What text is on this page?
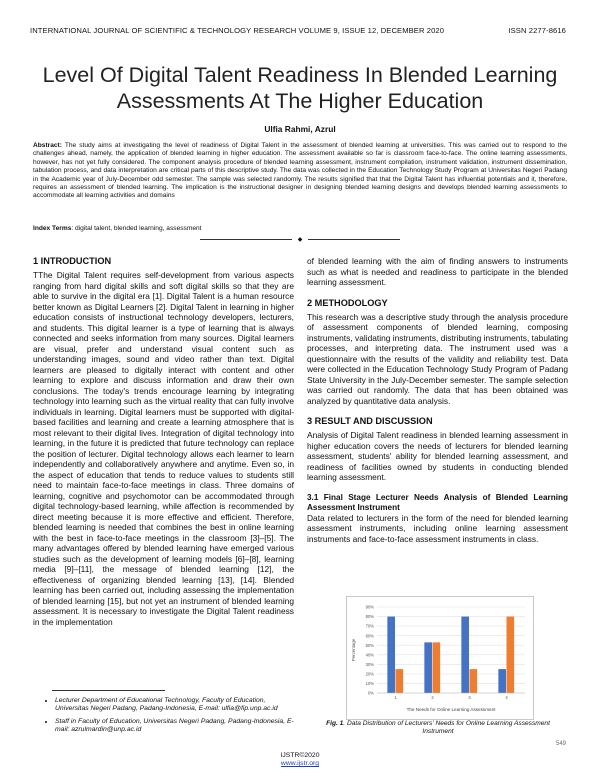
INTERNATIONAL JOURNAL OF SCIENTIFIC & TECHNOLOGY RESEARCH VOLUME 9, ISSUE 12, DECEMBER 2020	ISSN 2277-8616
Level Of Digital Talent Readiness In Blended Learning Assessments At The Higher Education
Ulfia Rahmi, Azrul
Abstract: The study aims at investigating the level of readiness of Digital Talent in the assessment of blended learning at universities. This was carried out to respond to the challenges ahead, namely, the application of blended learning in higher education. The assessment available so far is classroom face-to-face. The online learning assessments, however, has not yet fully considered. The component analysis procedure of blended learning assessment, instrument compilation, instrument validation, instrument dissemination, tabulation process, and data interpretation are critical parts of this descriptive study. The data was collected in the Education Technology Study Program at Universitas Negeri Padang in the Academic year of July-December odd semester. The sample was selected randomly. The results signified that that the Digital Talent has influential potentials and it, therefore, requires an assessment of blended learning. The implication is the instructional designer in designing blended learning designs and develops blended learning assessments to accommodate all learning activities and domains
Index Terms: digital talent, blended learning, assessment
◆
1 INTRODUCTION

TThe Digital Talent requires self-development from various aspects ranging from hard digital skills and soft digital skills so that they are able to survive in the digital era [1]. Digital Talent is a human resource better known as Digital Learners [2]. Digital Talent in learning in higher education consists of instructional technology developers, lecturers, and students. This digital learner is a type of learning that is always connected and seeks information from many sources. Digital learners are visual, prefer and understand visual content such as understanding images, sound and video rather than text. Digital learners are pleased to digitally interact with content and other learning to explore and discuss information and draw their own conclusions. The today's trends encourage learning by integrating technology into learning such as the virtual reality that can fully involve individuals in learning. Digital learners must be supported with digital-based facilities and learning and create a learning atmosphere that is most relevant to their digital lives. Integration of digital technology into learning, in the future it is predicted that future technology can replace the position of lecturer. Digital technology allows each learner to learn independently and collaboratively anywhere and anytime. Even so, in the aspect of education that tends to reduce values to students still need to maintain face-to-face meetings in class. Three domains of learning, cognitive and psychomotor can be accommodated through digital technology-based learning, while affection is recommended by direct meeting because it is more effective and efficient. Therefore, blended learning is needed that combines the best in online learning with the best in face-to-face meetings in the classroom [3]–[5]. The many advantages offered by blended learning have emerged various studies such as the development of learning models [6]–[8], learning media [9]–[11], the message of blended learning [12], the effectiveness of organizing blended learning [13], [14]. Blended learning has been carried out, including assessing the implementation of blended learning [15], but not yet an instrument of blended learning assessment. It is necessary to investigate the Digital Talent readiness in the implementation

of blended learning with the aim of finding answers to instruments such as what is needed and readiness to participate in the blended learning assessment.

2 METHODOLOGY

This research was a descriptive study through the analysis procedure of assessment components of blended learning, composing instruments, validating instruments, distributing instruments, tabulating processes, and interpreting data. The instrument used was a questionnaire with the results of the validity and reliability test. Data were collected in the Education Technology Study Program of Padang State University in the July-December semester. The sample selection was carried out randomly. The data that has been obtained was analyzed by quantitative data analysis.

3 RESULT AND DISCUSSION

Analysis of Digital Talent readiness in blended learning assessment in higher education covers the needs of lecturers for blended learning assessment, students' ability for blended learning assessment, and readiness of facilities owned by students in conducting blended learning assessment.

3.1 Final Stage Lecturer Needs Analysis of Blended Learning Assessment Instrument

Data related to lecturers in the form of the need for blended learning assessment instruments, including online learning assessment instruments and face-to-face assessment instruments in class.

• Lecturer Department of Educational Technology, Faculty of Education, Universitas Negeri Padang, Padang-Indonesia, E-mail: ulfia@fip.unp.ac.id
• Staff in Faculty of Education, Universitas Negeri Padang, Padang-Indonesia, E-mail: azrulmardin@unp.ac.id
0%
10%
20%
30%
40%
50%
60%
70%
80%
90%
Percentage
1	2	3	4
The Needs for Online Learning Assessment
Fig. 1. Data Distribution of Lecturers' Needs for Online Learning Assessment Instrument
549
IJSTR©2020
www.ijstr.org
